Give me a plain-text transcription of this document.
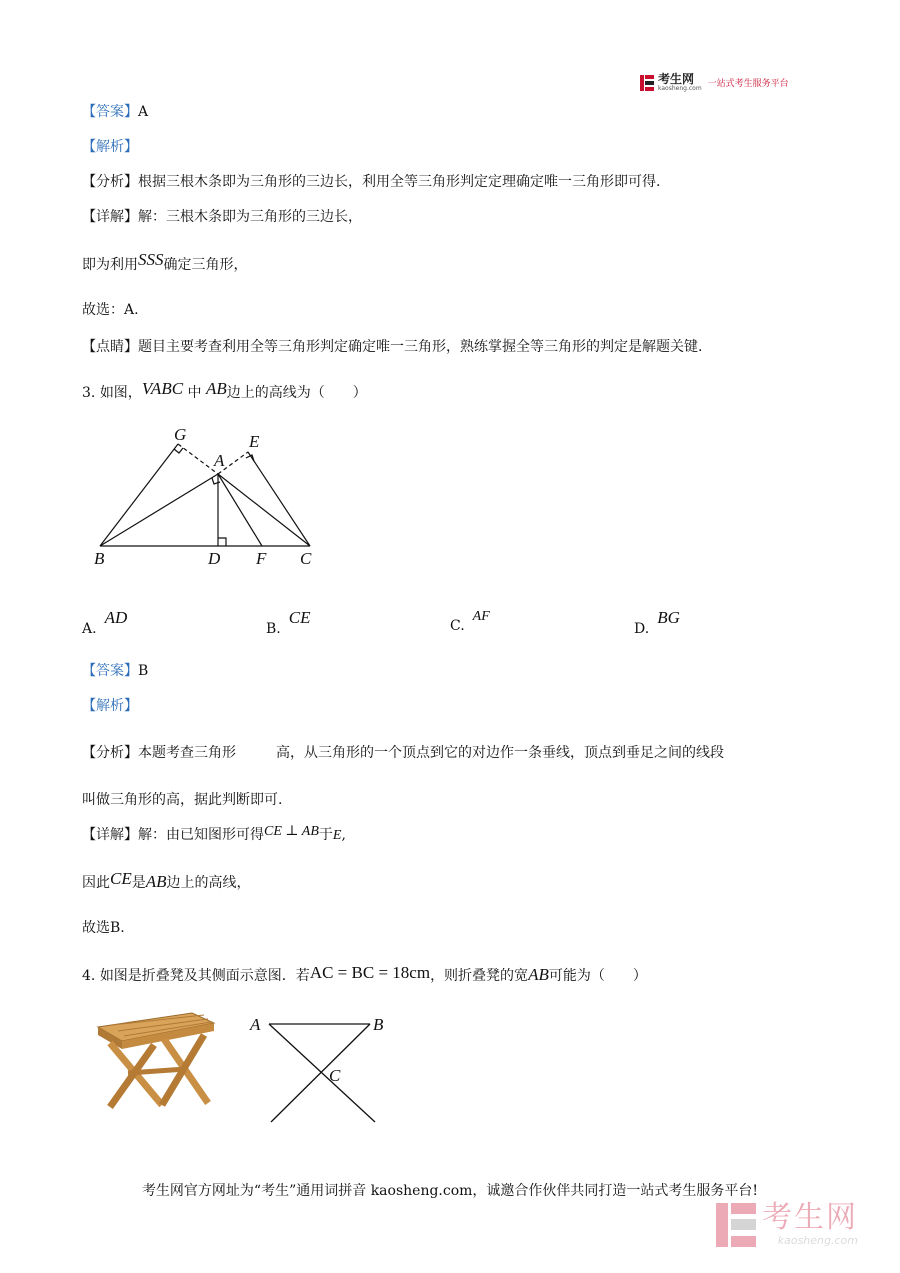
考生网
kaosheng.com 一站式考生服务平台
【答案】A
【解析】
【分析】根据三根木条即为三角形的三边长，利用全等三角形判定定理确定唯一三角形即可得.
【详解】解：三根木条即为三角形的三边长，
即为利用SSS确定三角形，
故选：A.
【点睛】题目主要考查利用全等三角形判定确定唯一三角形，熟练掌握全等三角形的判定是解题关键.
3. 如图，VABC 中 AB边上的高线为（　　）
G	E
A
B	D F C
A.AD
B.CE	C.AF
D.BG
【答案】B
【解析】
【分析】本题考查三角形	高，从三角形的一个顶点到它的对边作一条垂线，顶点到垂足之间的线段
叫做三角形的高，据此判断即可.
【详解】解：由已知图形可得CE ⊥ AB于E,
因此CE是AB边上的高线，
故选B.
4. 如图是折叠凳及其侧面示意图．若AC = BC = 18cm，则折叠凳的宽AB可能为（　　）
A	B
C
考生网官方网址为“考生”通用词拼音 kaosheng.com，诚邀合作伙伴共同打造一站式考生服务平台!
考生网
kaosheng.com
